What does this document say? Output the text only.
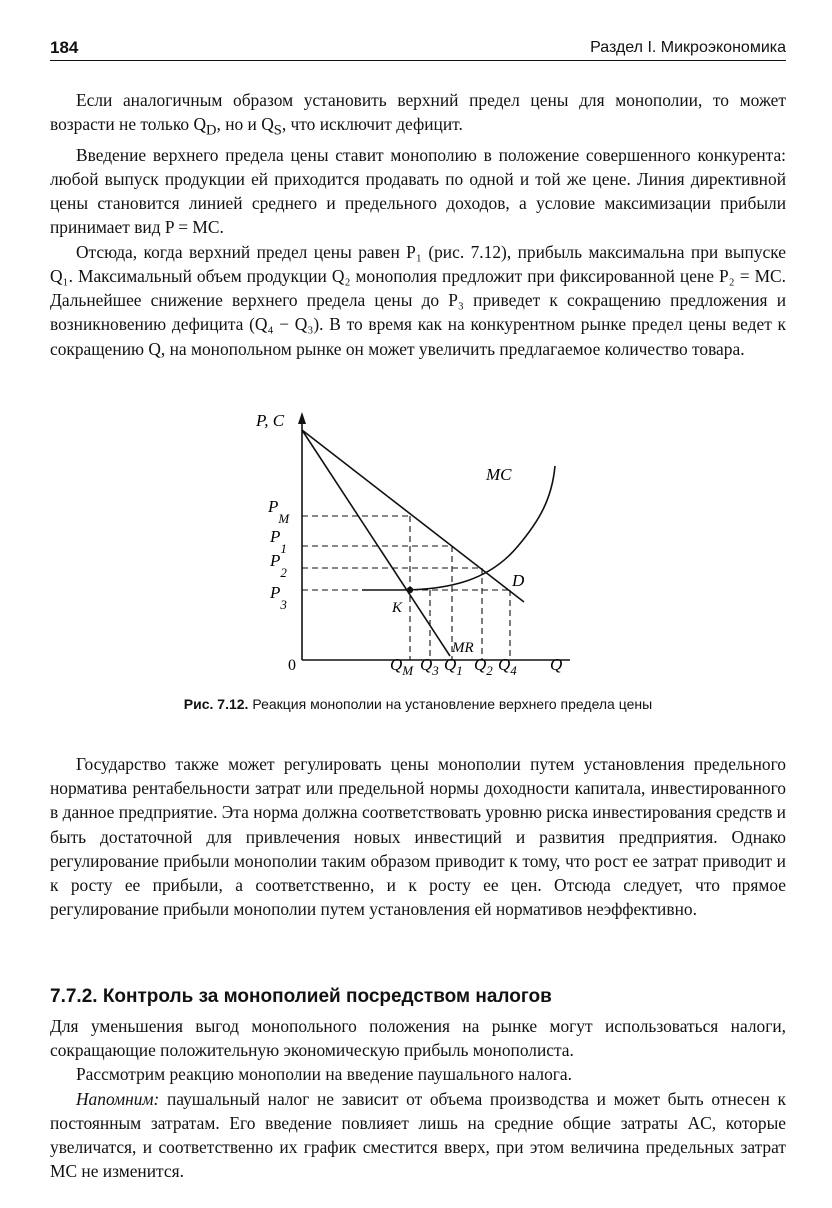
184	Раздел I. Микроэкономика

Если аналогичным образом установить верхний предел цены для монополии, то может возрасти не только $Q_D$, но и $Q_S$, что исключит дефицит.

Введение верхнего предела цены ставит монополию в положение совершенного конкурента: любой выпуск продукции ей приходится продавать по одной и той же цене. Линия директивной цены становится линией среднего и предельного доходов, а условие максимизации прибыли принимает вид P = MC.

Отсюда, когда верхний предел цены равен P₁ (рис. 7.12), прибыль максимальна при выпуске Q₁. Максимальный объем продукции Q₂ монополия предложит при фиксированной цене P₂ = MC. Дальнейшее снижение верхнего предела цены до P₃ приведет к сокращению предложения и возникновению дефицита (Q₄ − Q₃). В то время как на конкурентном рынке предел цены ведет к сокращению Q, на монопольном рынке он может увеличить предлагаемое количество товара.

P, C
0	Q
$P_M$
$P_1$
$P_2$
$P_3$
$Q_M$ $Q_3$ $Q_1$ $Q_2$ $Q_4$
MC
MR
D
K
Рис. 7.12. Реакция монополии на установление верхнего предела цены

Государство также может регулировать цены монополии путем установления предельного норматива рентабельности затрат или предельной нормы доходности капитала, инвестированного в данное предприятие. Эта норма должна соответствовать уровню риска инвестирования средств и быть достаточной для привлечения новых инвестиций и развития предприятия. Однако регулирование прибыли монополии таким образом приводит к тому, что рост ее затрат приводит и к росту ее прибыли, а соответственно, и к росту ее цен. Отсюда следует, что прямое регулирование прибыли монополии путем установления ей нормативов неэффективно.

7.7.2. Контроль за монополией посредством налогов

Для уменьшения выгод монопольного положения на рынке могут использоваться налоги, сокращающие положительную экономическую прибыль монополиста.

Рассмотрим реакцию монополии на введение паушального налога.

Напомним: паушальный налог не зависит от объема производства и может быть отнесен к постоянным затратам. Его введение повлияет лишь на средние общие затраты AC, которые увеличатся, и соответственно их график сместится вверх, при этом величина предельных затрат MC не изменится.
